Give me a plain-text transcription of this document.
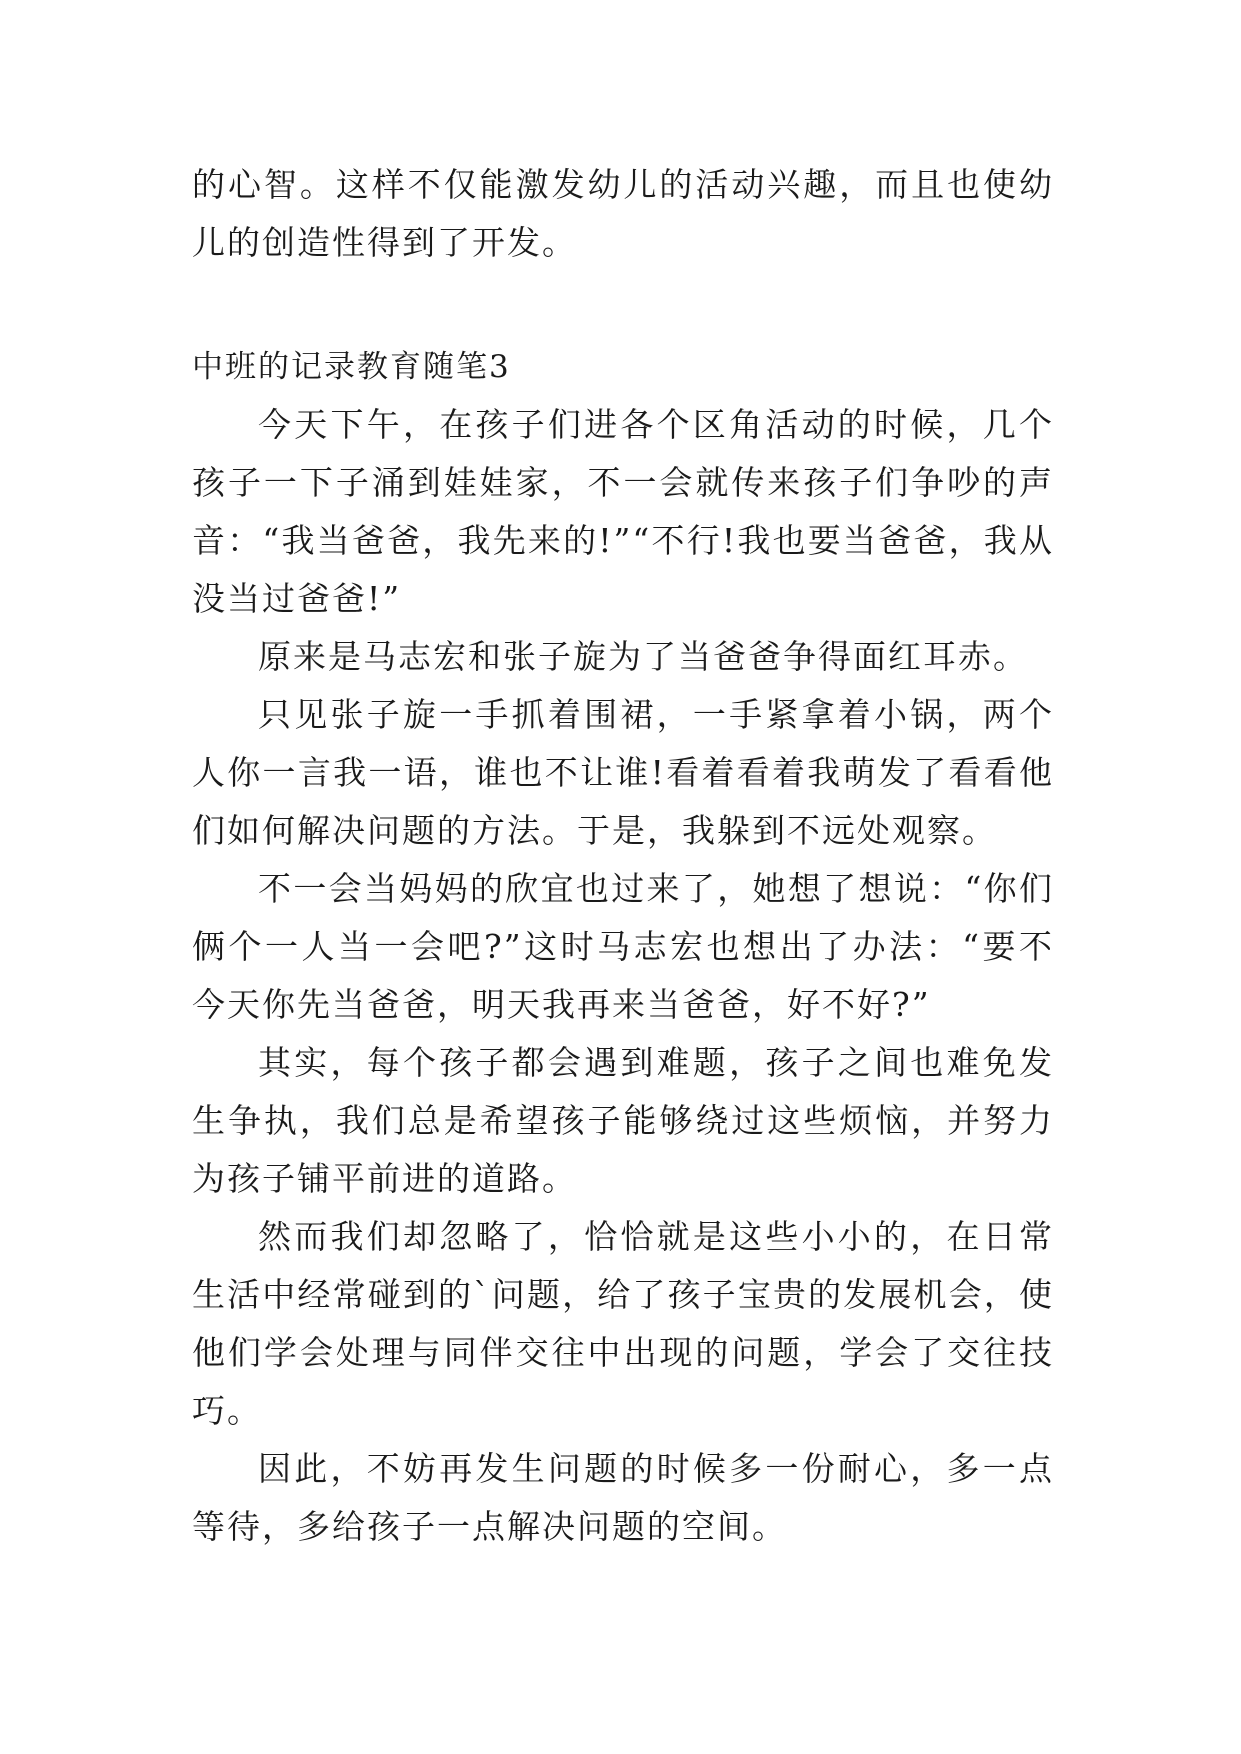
的心智。这样不仅能激发幼儿的活动兴趣，而且也使幼儿的创造性得到了开发。

中班的记录教育随笔3

今天下午，在孩子们进各个区角活动的时候，几个孩子一下子涌到娃娃家，不一会就传来孩子们争吵的声音：“我当爸爸，我先来的!”“不行!我也要当爸爸，我从没当过爸爸!”

原来是马志宏和张子旋为了当爸爸争得面红耳赤。

只见张子旋一手抓着围裙，一手紧拿着小锅，两个人你一言我一语，谁也不让谁!看着看着我萌发了看看他们如何解决问题的方法。于是，我躲到不远处观察。

不一会当妈妈的欣宜也过来了，她想了想说：“你们俩个一人当一会吧?”这时马志宏也想出了办法：“要不今天你先当爸爸，明天我再来当爸爸，好不好?”

其实，每个孩子都会遇到难题，孩子之间也难免发生争执，我们总是希望孩子能够绕过这些烦恼，并努力为孩子铺平前进的道路。

然而我们却忽略了，恰恰就是这些小小的，在日常生活中经常碰到的`问题，给了孩子宝贵的发展机会，使他们学会处理与同伴交往中出现的问题，学会了交往技巧。

因此，不妨再发生问题的时候多一份耐心，多一点等待，多给孩子一点解决问题的空间。
